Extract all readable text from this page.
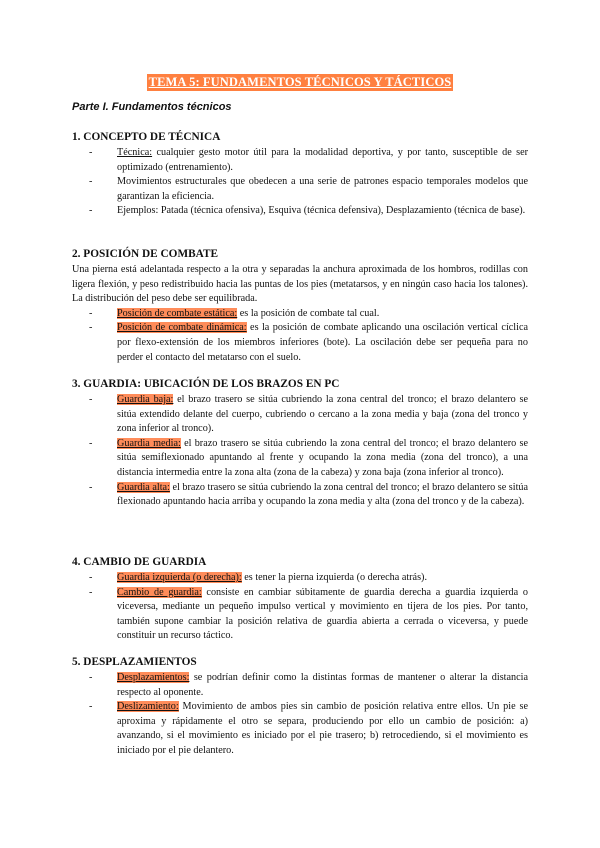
TEMA 5: FUNDAMENTOS TÉCNICOS Y TÁCTICOS
Parte I. Fundamentos técnicos

1. CONCEPTO DE TÉCNICA

- Técnica: cualquier gesto motor útil para la modalidad deportiva, y por tanto, susceptible de ser optimizado (entrenamiento).
- Movimientos estructurales que obedecen a una serie de patrones espacio temporales modelos que garantizan la eficiencia.
- Ejemplos: Patada (técnica ofensiva), Esquiva (técnica defensiva), Desplazamiento (técnica de base).

2. POSICIÓN DE COMBATE

Una pierna está adelantada respecto a la otra y separadas la anchura aproximada de los hombros, rodillas con ligera flexión, y peso redistribuido hacia las puntas de los pies (metatarsos, y en ningún caso hacia los talones). La distribución del peso debe ser equilibrada.

- Posición de combate estática: es la posición de combate tal cual.
- Posición de combate dinámica: es la posición de combate aplicando una oscilación vertical cíclica por flexo-extensión de los miembros inferiores (bote). La oscilación debe ser pequeña para no perder el contacto del metatarso con el suelo.

3. GUARDIA: UBICACIÓN DE LOS BRAZOS EN PC

- Guardia baja: el brazo trasero se sitúa cubriendo la zona central del tronco; el brazo delantero se sitúa extendido delante del cuerpo, cubriendo o cercano a la zona media y baja (zona del tronco y zona inferior al tronco).
- Guardia media: el brazo trasero se sitúa cubriendo la zona central del tronco; el brazo delantero se sitúa semiflexionado apuntando al frente y ocupando la zona media (zona del tronco), a una distancia intermedia entre la zona alta (zona de la cabeza) y zona baja (zona inferior al tronco).
- Guardia alta: el brazo trasero se sitúa cubriendo la zona central del tronco; el brazo delantero se sitúa flexionado apuntando hacia arriba y ocupando la zona media y alta (zona del tronco y de la cabeza).

4. CAMBIO DE GUARDIA

- Guardia izquierda (o derecha): es tener la pierna izquierda (o derecha atrás).
- Cambio de guardia: consiste en cambiar súbitamente de guardia derecha a guardia izquierda o viceversa, mediante un pequeño impulso vertical y movimiento en tijera de los pies. Por tanto, también supone cambiar la posición relativa de guardia abierta a cerrada o viceversa, y puede constituir un recurso táctico.

5. DESPLAZAMIENTOS

- Desplazamientos: se podrían definir como la distintas formas de mantener o alterar la distancia respecto al oponente.
- Deslizamiento: Movimiento de ambos pies sin cambio de posición relativa entre ellos. Un pie se aproxima y rápidamente el otro se separa, produciendo por ello un cambio de posición: a) avanzando, si el movimiento es iniciado por el pie trasero; b) retrocediendo, si el movimiento es iniciado por el pie delantero.
